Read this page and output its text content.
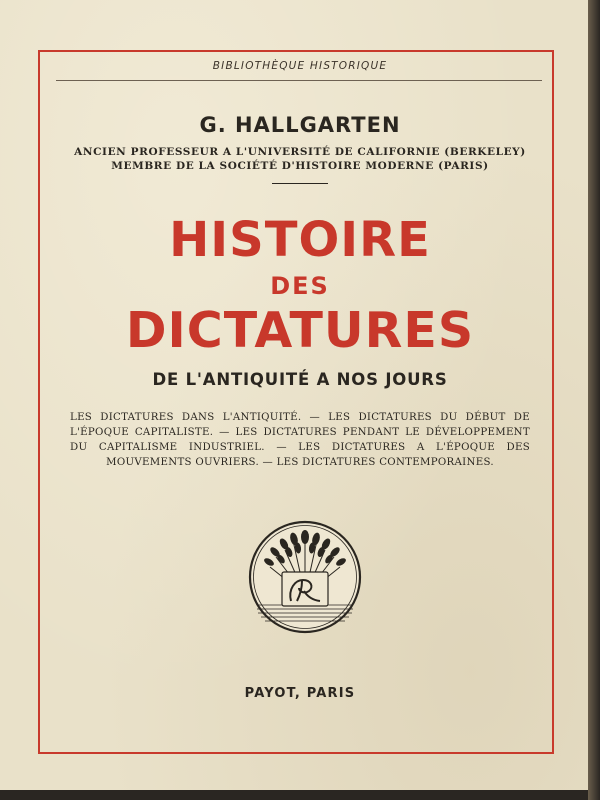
BIBLIOTHÈQUE HISTORIQUE
G. HALLGARTEN
ANCIEN PROFESSEUR A L'UNIVERSITÉ DE CALIFORNIE (BERKELEY)
MEMBRE DE LA SOCIÉTÉ D'HISTOIRE MODERNE (PARIS)
HISTOIRE
DES
DICTATURES
DE L'ANTIQUITÉ A NOS JOURS
LES DICTATURES DANS L'ANTIQUITÉ. — LES DICTATURES DU DÉBUT DE
L'ÉPOQUE CAPITALISTE. — LES DICTATURES PENDANT LE DÉVELOPPEMENT
DU CAPITALISME INDUSTRIEL. — LES DICTATURES A L'ÉPOQUE DES
MOUVEMENTS OUVRIERS. — LES DICTATURES CONTEMPORAINES.
PAYOT, PARIS
